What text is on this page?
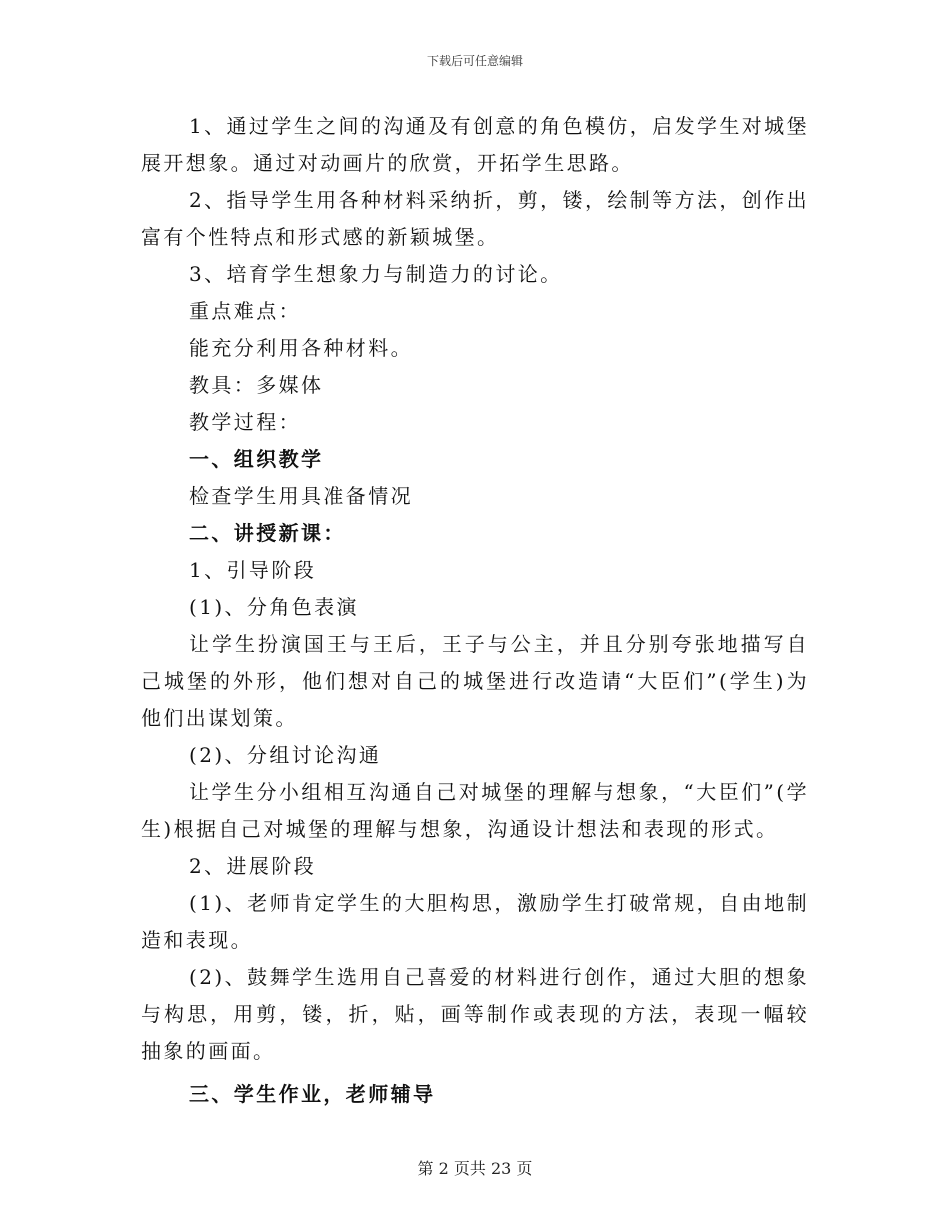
下载后可任意编辑

1、通过学生之间的沟通及有创意的角色模仿，启发学生对城堡展开想象。通过对动画片的欣赏，开拓学生思路。

2、指导学生用各种材料采纳折，剪，镂，绘制等方法，创作出富有个性特点和形式感的新颖城堡。

3、培育学生想象力与制造力的讨论。

重点难点：

能充分利用各种材料。

教具：多媒体

教学过程：

一、组织教学

检查学生用具准备情况

二、讲授新课：

1、引导阶段

(1)、分角色表演

让学生扮演国王与王后，王子与公主，并且分别夸张地描写自己城堡的外形，他们想对自己的城堡进行改造请“大臣们”(学生)为他们出谋划策。

(2)、分组讨论沟通

让学生分小组相互沟通自己对城堡的理解与想象，“大臣们”(学生)根据自己对城堡的理解与想象，沟通设计想法和表现的形式。

2、进展阶段

(1)、老师肯定学生的大胆构思，激励学生打破常规，自由地制造和表现。

(2)、鼓舞学生选用自己喜爱的材料进行创作，通过大胆的想象与构思，用剪，镂，折，贴，画等制作或表现的方法，表现一幅较抽象的画面。

三、学生作业，老师辅导

第 2 页共 23 页
